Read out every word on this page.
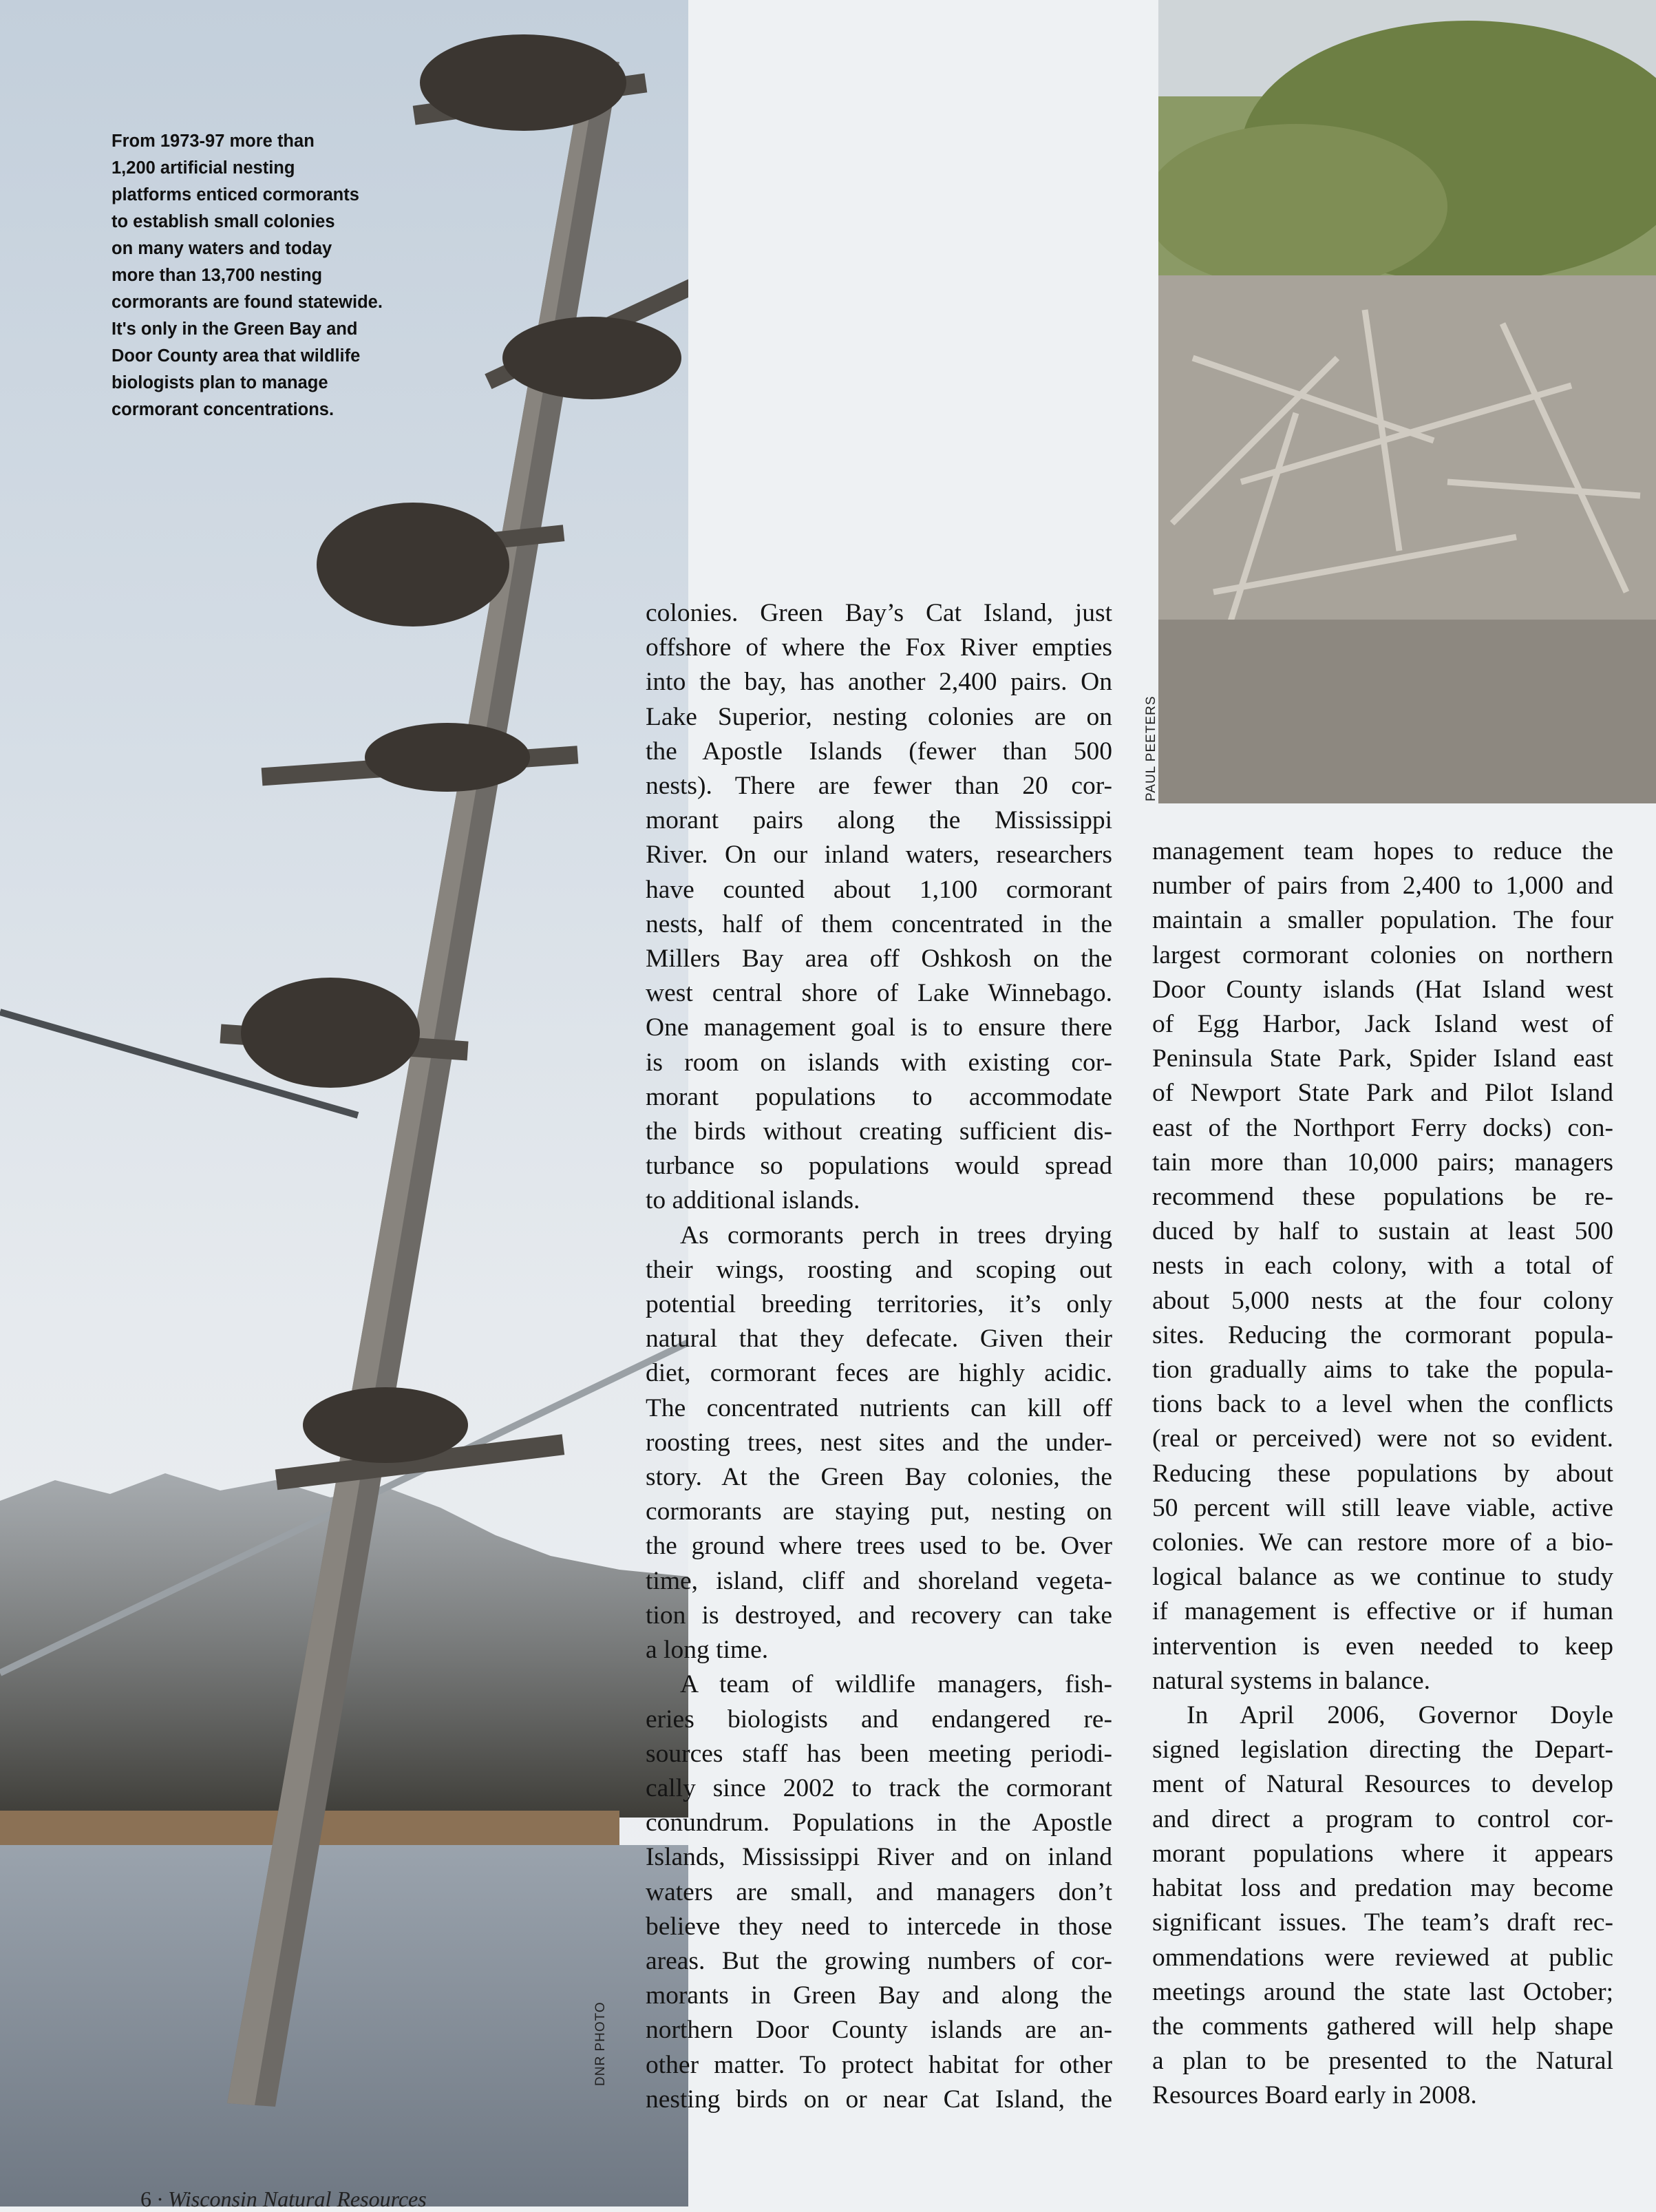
From 1973-97 more than
1,200 artificial nesting
platforms enticed cormorants
to establish small colonies
on many waters and today
more than 13,700 nesting
cormorants are found statewide.
It's only in the Green Bay and
Door County area that wildlife
biologists plan to manage
cormorant concentrations.
DNR PHOTO
PAUL PEETERS
colonies. Green Bay’s Cat Island, just
offshore of where the Fox River empties
into the bay, has another 2,400 pairs. On
Lake Superior, nesting colonies are on
the Apostle Islands (fewer than 500
nests). There are fewer than 20 cor-
morant pairs along the Mississippi
River. On our inland waters, researchers
have counted about 1,100 cormorant
nests, half of them concentrated in the
Millers Bay area off Oshkosh on the
west central shore of Lake Winnebago.
One management goal is to ensure there
is room on islands with existing cor-
morant populations to accommodate
the birds without creating sufficient dis-
turbance so populations would spread
to additional islands.
As cormorants perch in trees drying
their wings, roosting and scoping out
potential breeding territories, it’s only
natural that they defecate. Given their
diet, cormorant feces are highly acidic.
The concentrated nutrients can kill off
roosting trees, nest sites and the under-
story. At the Green Bay colonies, the
cormorants are staying put, nesting on
the ground where trees used to be. Over
time, island, cliff and shoreland vegeta-
tion is destroyed, and recovery can take
a long time.
A team of wildlife managers, fish-
eries biologists and endangered re-
sources staff has been meeting periodi-
cally since 2002 to track the cormorant
conundrum. Populations in the Apostle
Islands, Mississippi River and on inland
waters are small, and managers don’t
believe they need to intercede in those
areas. But the growing numbers of cor-
morants in Green Bay and along the
northern Door County islands are an-
other matter. To protect habitat for other
nesting birds on or near Cat Island, the
management team hopes to reduce the
number of pairs from 2,400 to 1,000 and
maintain a smaller population. The four
largest cormorant colonies on northern
Door County islands (Hat Island west
of Egg Harbor, Jack Island west of
Peninsula State Park, Spider Island east
of Newport State Park and Pilot Island
east of the Northport Ferry docks) con-
tain more than 10,000 pairs; managers
recommend these populations be re-
duced by half to sustain at least 500
nests in each colony, with a total of
about 5,000 nests at the four colony
sites. Reducing the cormorant popula-
tion gradually aims to take the popula-
tions back to a level when the conflicts
(real or perceived) were not so evident.
Reducing these populations by about
50 percent will still leave viable, active
colonies. We can restore more of a bio-
logical balance as we continue to study
if management is effective or if human
intervention is even needed to keep
natural systems in balance.
In April 2006, Governor Doyle
signed legislation directing the Depart-
ment of Natural Resources to develop
and direct a program to control cor-
morant populations where it appears
habitat loss and predation may become
significant issues. The team’s draft rec-
ommendations were reviewed at public
meetings around the state last October;
the comments gathered will help shape
a plan to be presented to the Natural
Resources Board early in 2008.
6 · Wisconsin Natural Resources
